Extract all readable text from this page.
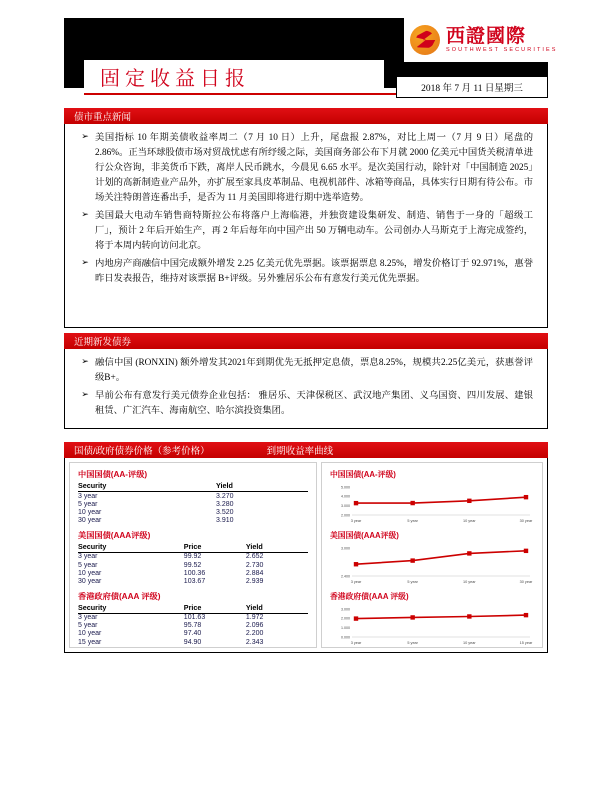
固定收益日报
西證國際
SOUTHWEST SECURITIES
2018 年 7 月 11 日星期三
债市重点新闻
➢ 美国指标 10 年期美债收益率周二（7 月 10 日）上升，尾盘报 2.87%，对比上周一（7 月 9 日）尾盘的 2.86%。正当环球股债市场对贸战忧虑有所纾缓之际，美国商务部公布下月就 2000 亿美元中国货关税清单进行公众咨询，非美货币下跌，离岸人民币跳水，今晨见 6.65 水平。是次美国行动，除针对「中国制造 2025」计划的高新制造业产品外，亦扩展至家具皮革制品、电视机部件、冰箱等商品，具体实行日期有待公布。市场关注特朗普连番出手，是否为 11 月美国即将进行期中选举造势。
➢ 美国最大电动车销售商特斯拉公布将落户上海临港，并独资建设集研发、制造、销售于一身的「超级工厂」，预计 2 年后开始生产，再 2 年后每年向中国产出 50 万辆电动车。公司创办人马斯克于上海完成签约，将于本周内转向访问北京。
➢ 内地房产商融信中国完成额外增发 2.25 亿美元优先票据。该票据票息 8.25%，增发价格订于 92.971%，惠誉昨日发表报告，维持对该票据 B+评级。另外雅居乐公布有意发行美元优先票据。
近期新发债券
➢ 融信中国 (RONXIN) 额外增发其2021年到期优先无抵押定息债，票息8.25%，规模共2.25亿美元，获惠誉评级B+。
➢ 早前公布有意发行美元债券企业包括： 雅居乐、天津保税区、武汉地产集团、义乌国资、四川发展、建银租赁、广汇汽车、海南航空、哈尔滨投资集团。
国债/政府债券价格（参考价格）	到期收益率曲线
中国国债(AA-评级)
Security	Yield
3 year	3.270
5 year	3.280
10 year	3.520
30 year	3.910
美国国债(AAA评级)
Security	Price	Yield
3 year	99.92	2.652
5 year	99.52	2.730
10 year	100.36	2.884
30 year	103.67	2.939
香港政府债(AAA 评级)
Security	Price	Yield
3 year	101.63	1.972
5 year	95.78	2.096
10 year	97.40	2.200
15 year	94.90	2.343
中国国债(AA-评级)
5.000
4.000
3.000
2.000
3 year	5 year	10 year	30 year
美国国债(AAA评级)
3.000
2.400
3 year	5 year	10 year	30 year
香港政府债(AAA 评级)
3.000
2.000
1.000
0.000
3 year	5 year	10 year	15 year
